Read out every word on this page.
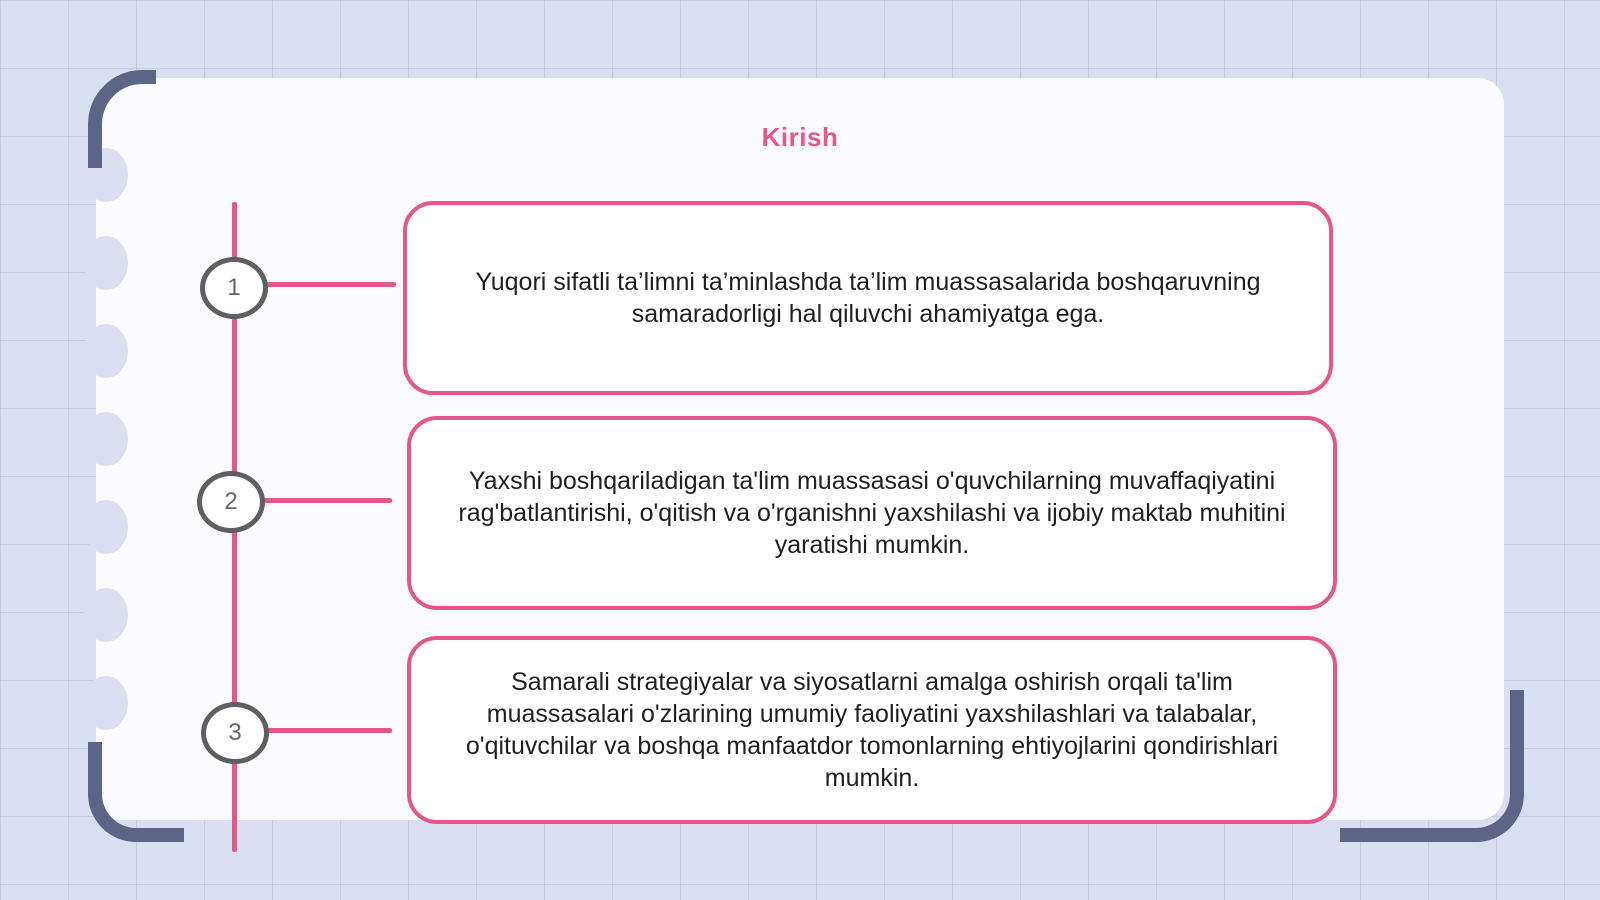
Kirish
1
2
3
Yuqori sifatli ta’limni ta’minlashda ta’lim muassasalarida boshqaruvning samaradorligi hal qiluvchi ahamiyatga ega.
Yaxshi boshqariladigan ta'lim muassasasi o'quvchilarning muvaffaqiyatini rag'batlantirishi, o'qitish va o'rganishni yaxshilashi va ijobiy maktab muhitini yaratishi mumkin.
Samarali strategiyalar va siyosatlarni amalga oshirish orqali ta'lim muassasalari o'zlarining umumiy faoliyatini yaxshilashlari va talabalar, o'qituvchilar va boshqa manfaatdor tomonlarning ehtiyojlarini qondirishlari mumkin.
